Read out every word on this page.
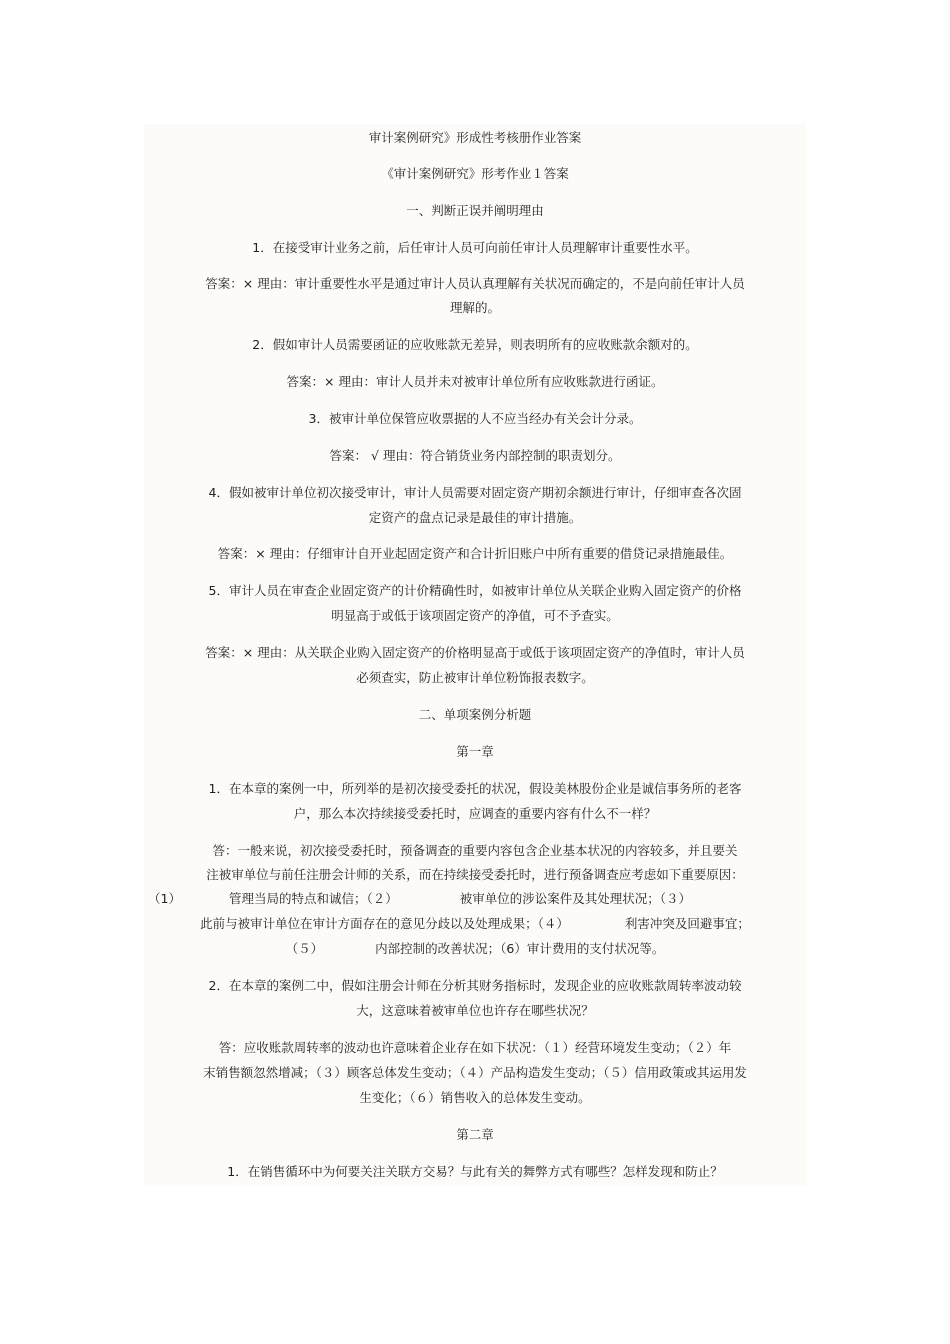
审计案例研究》形成性考核册作业答案
《审计案例研究》形考作业１答案
一、判断正误并阐明理由
1．在接受审计业务之前，后任审计人员可向前任审计人员理解审计重要性水平。
答案：× 理由：审计重要性水平是通过审计人员认真理解有关状况而确定的，不是向前任审计人员
理解的。
2．假如审计人员需要函证的应收账款无差异，则表明所有的应收账款余额对的。
答案：× 理由：审计人员并未对被审计单位所有应收账款进行函证。
3．被审计单位保管应收票据的人不应当经办有关会计分录。
答案： √ 理由：符合销货业务内部控制的职责划分。
4．假如被审计单位初次接受审计，审计人员需要对固定资产期初余额进行审计，仔细审查各次固
定资产的盘点记录是最佳的审计措施。
答案：× 理由：仔细审计自开业起固定资产和合计折旧账户中所有重要的借贷记录措施最佳。
5．审计人员在审查企业固定资产的计价精确性时，如被审计单位从关联企业购入固定资产的价格
明显高于或低于该项固定资产的净值，可不予查实。
答案：× 理由：从关联企业购入固定资产的价格明显高于或低于该项固定资产的净值时，审计人员
必须查实，防止被审计单位粉饰报表数字。
二、单项案例分析题
第一章
1．在本章的案例一中，所列举的是初次接受委托的状况，假设美林股份企业是诚信事务所的老客
户，那么本次持续接受委托时，应调查的重要内容有什么不一样？
答：一般来说，初次接受委托时，预备调查的重要内容包含企业基本状况的内容较多，并且要关
注被审单位与前任注册会计师的关系，而在持续接受委托时，进行预备调查应考虑如下重要原因：
（1）	管理当局的特点和诚信；（２）	被审单位的涉讼案件及其处理状况；（３）
此前与被审计单位在审计方面存在的意见分歧以及处理成果；（４）	利害冲突及回避事宜；
（５）	内部控制的改善状况；（6）审计费用的支付状况等。
2．在本章的案例二中，假如注册会计师在分析其财务指标时，发现企业的应收账款周转率波动较
大，这意味着被审单位也许存在哪些状况？
答：应收账款周转率的波动也许意味着企业存在如下状况：（１）经营环境发生变动；（２）年
末销售额忽然增减；（３）顾客总体发生变动；（４）产品构造发生变动；（５）信用政策或其运用发
生变化；（６）销售收入的总体发生变动。
第二章
1．在销售循环中为何要关注关联方交易？与此有关的舞弊方式有哪些？怎样发现和防止？
